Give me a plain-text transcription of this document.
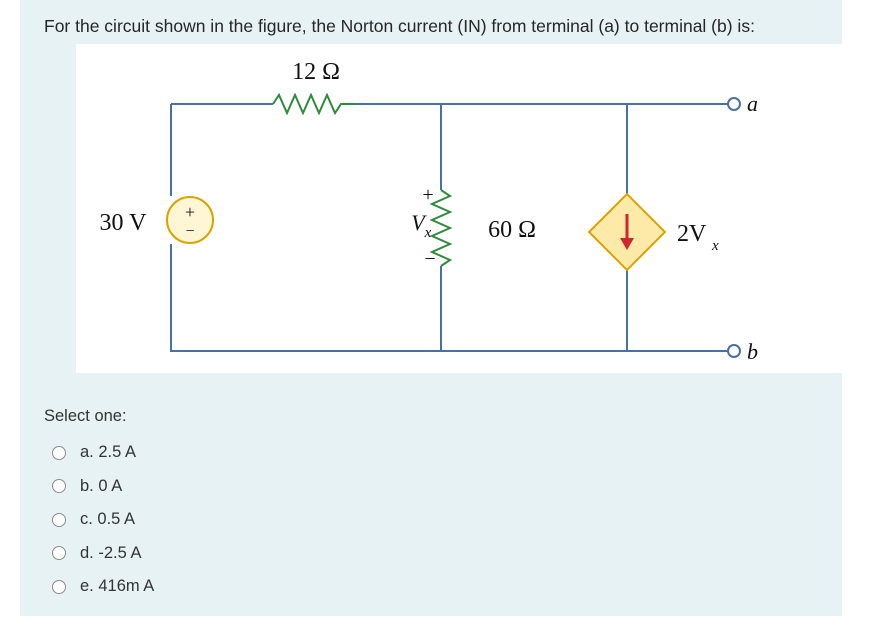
For the circuit shown in the figure, the Norton current (IN) from terminal (a) to terminal (b) is:
12 Ω
+
−
30 V	60 Ω
+
V x
−
2V x
a
b
Select one:
a. 2.5 A
b. 0 A
c. 0.5 A
d. -2.5 A
e. 416m A
